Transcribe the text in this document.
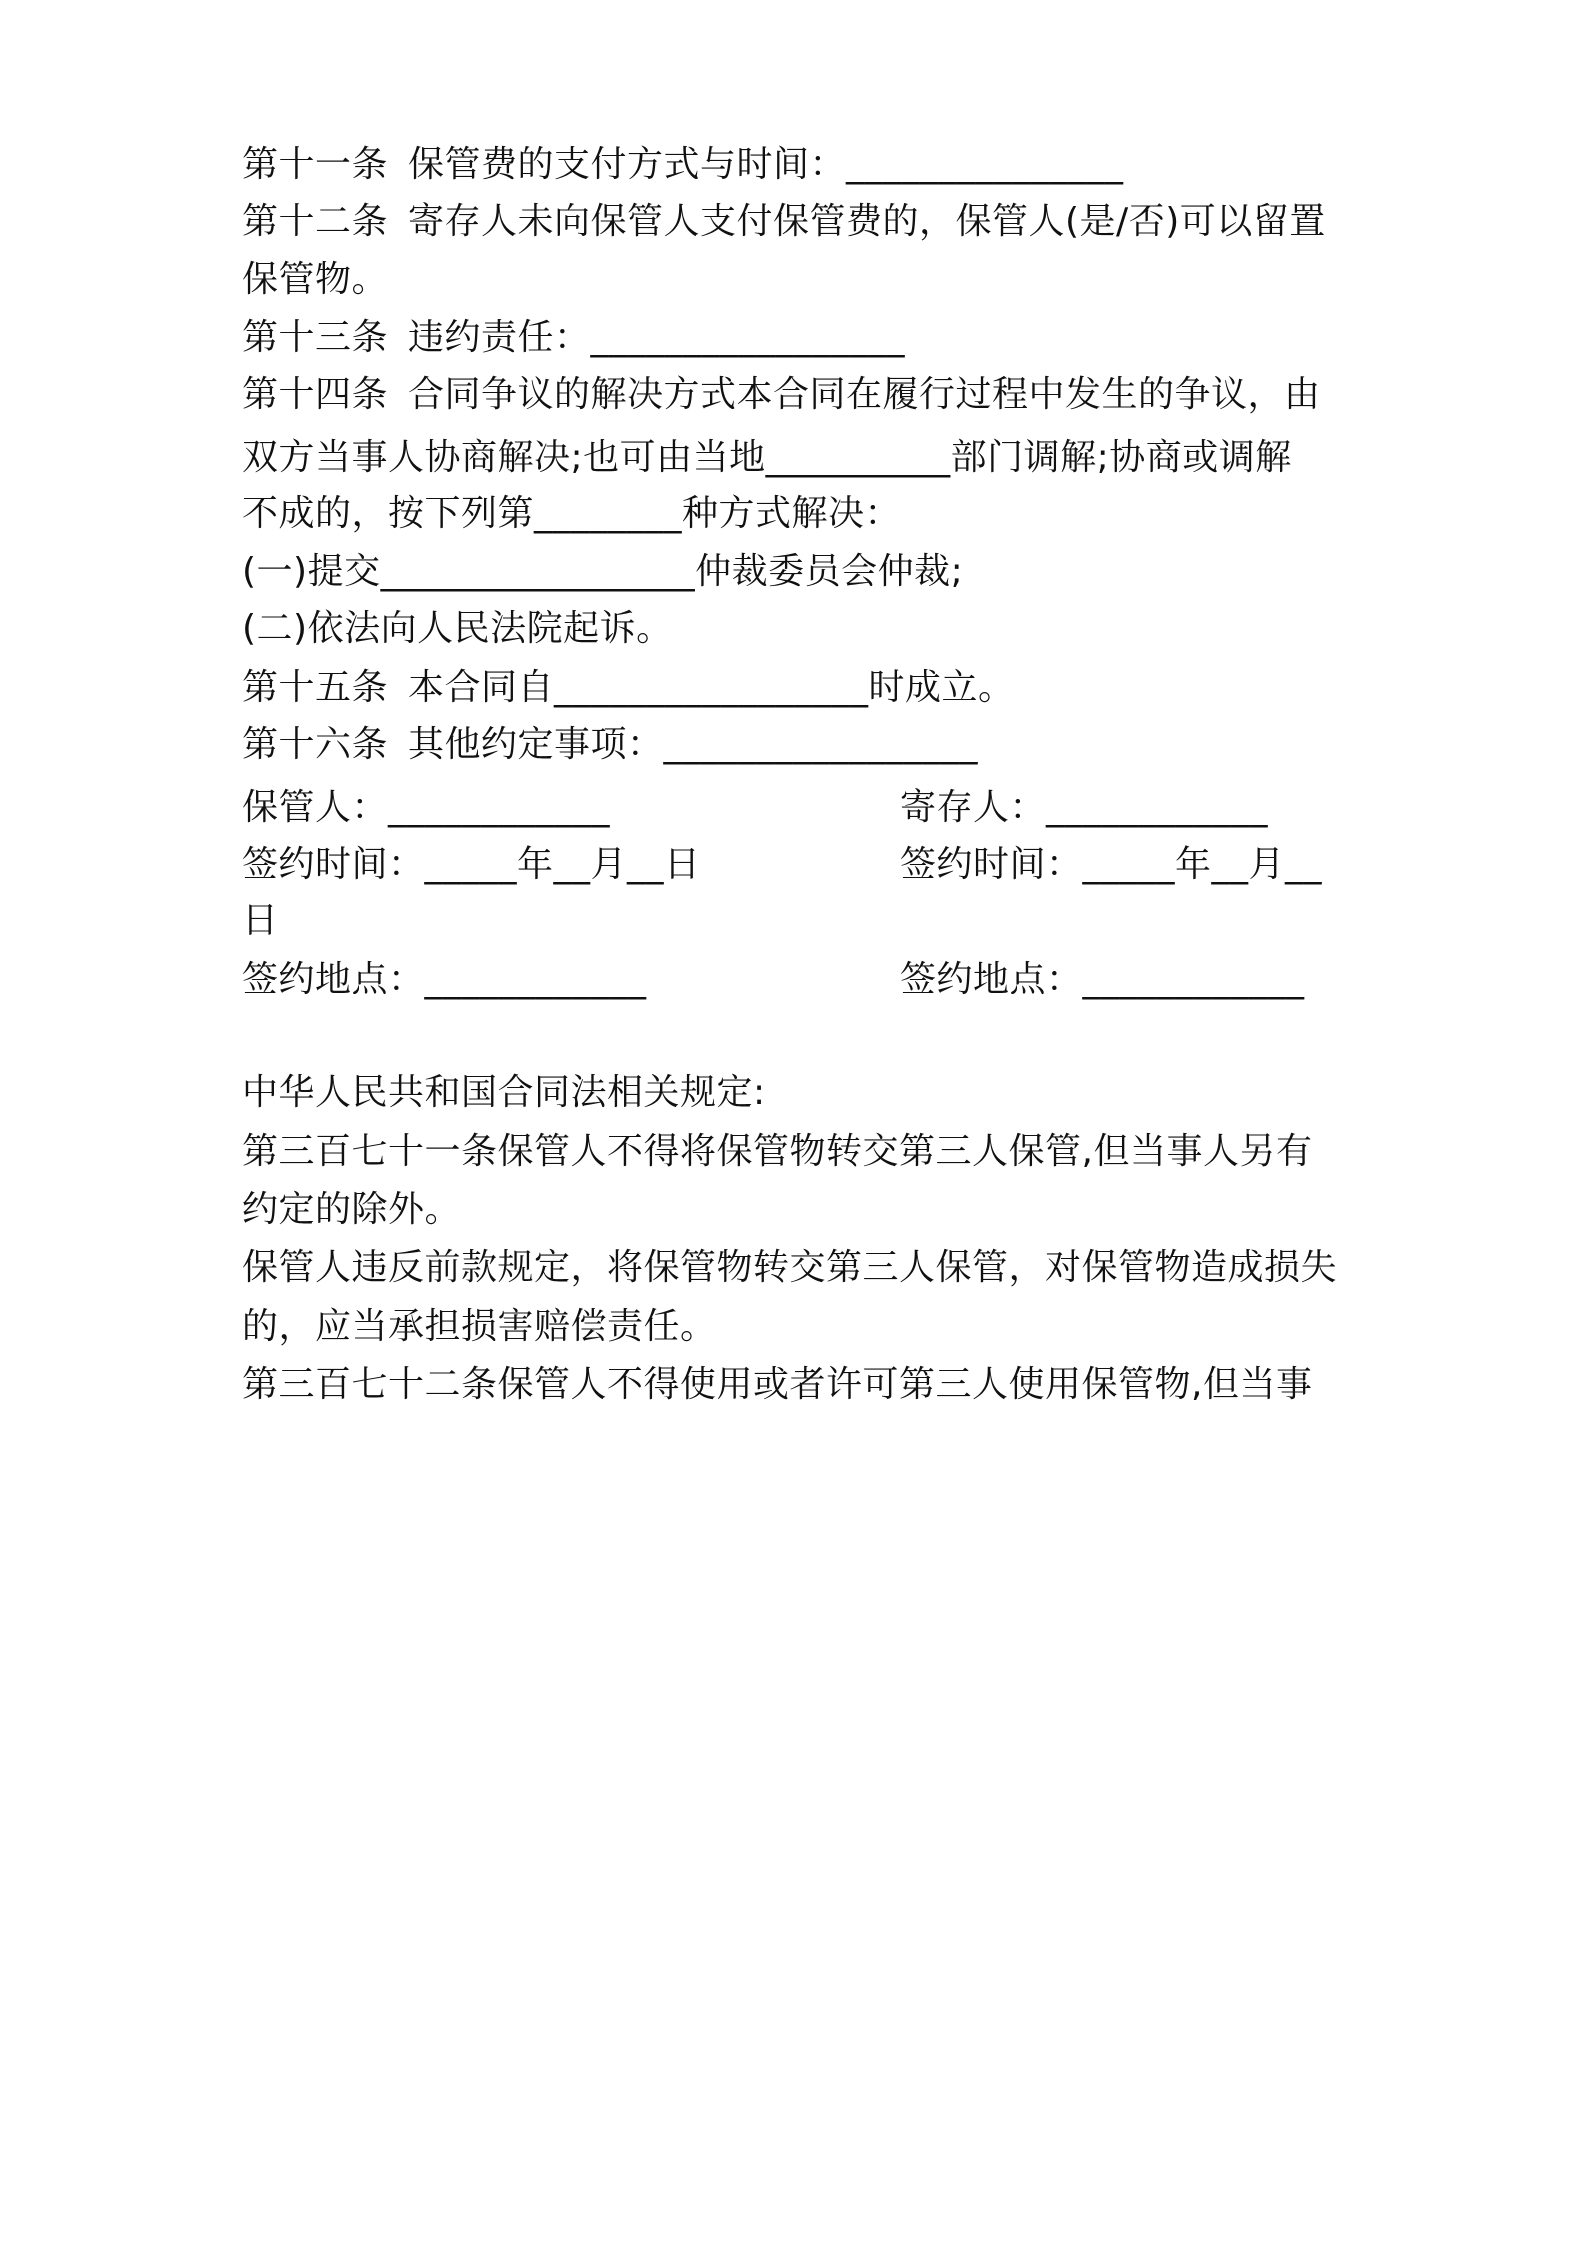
第十一条 保管费的支付方式与时间：_______________
第十二条 寄存人未向保管人支付保管费的，保管人(是/否)可以留置
保管物。
第十三条 违约责任：_________________
第十四条 合同争议的解决方式本合同在履行过程中发生的争议，由
双方当事人协商解决;也可由当地__________部门调解;协商或调解
不成的，按下列第________种方式解决：
(一)提交_________________仲裁委员会仲裁;
(二)依法向人民法院起诉。
第十五条 本合同自_________________时成立。
第十六条 其他约定事项：_________________
保管人：____________	寄存人：____________
签约时间：_____年__月__日	签约时间：_____年__月__
日
签约地点：____________	签约地点：____________
中华人民共和国合同法相关规定:
第三百七十一条保管人不得将保管物转交第三人保管,但当事人另有
约定的除外。
保管人违反前款规定，将保管物转交第三人保管，对保管物造成损失
的，应当承担损害赔偿责任。
第三百七十二条保管人不得使用或者许可第三人使用保管物,但当事
